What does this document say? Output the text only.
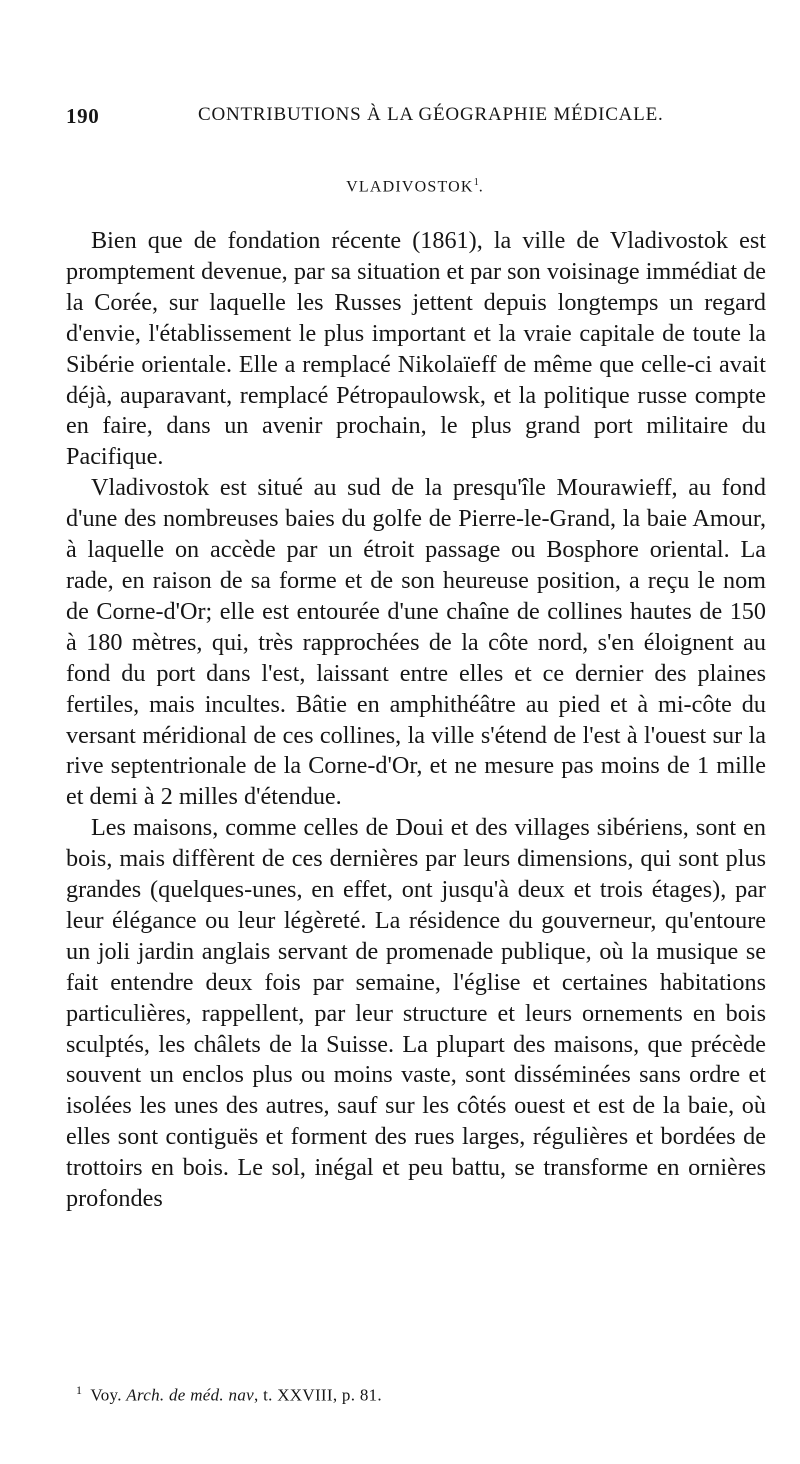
190	CONTRIBUTIONS À LA GÉOGRAPHIE MÉDICALE.
VLADIVOSTOK$^1$.

Bien que de fondation récente (1861), la ville de Vladivostok est promptement devenue, par sa situation et par son voisinage immédiat de la Corée, sur laquelle les Russes jettent depuis longtemps un regard d'envie, l'établissement le plus important et la vraie capitale de toute la Sibérie orientale. Elle a remplacé Nikolaïeff de même que celle-ci avait déjà, auparavant, remplacé Pétropaulowsk, et la politique russe compte en faire, dans un avenir prochain, le plus grand port militaire du Pacifique.

Vladivostok est situé au sud de la presqu'île Mourawieff, au fond d'une des nombreuses baies du golfe de Pierre-le-Grand, la baie Amour, à laquelle on accède par un étroit passage ou Bosphore oriental. La rade, en raison de sa forme et de son heureuse position, a reçu le nom de Corne-d'Or; elle est entourée d'une chaîne de collines hautes de 150 à 180 mètres, qui, très rapprochées de la côte nord, s'en éloignent au fond du port dans l'est, laissant entre elles et ce dernier des plaines fertiles, mais incultes. Bâtie en amphithéâtre au pied et à mi-côte du versant méridional de ces collines, la ville s'étend de l'est à l'ouest sur la rive septentrionale de la Corne-d'Or, et ne mesure pas moins de 1 mille et demi à 2 milles d'étendue.

Les maisons, comme celles de Doui et des villages sibériens, sont en bois, mais diffèrent de ces dernières par leurs dimensions, qui sont plus grandes (quelques-unes, en effet, ont jusqu'à deux et trois étages), par leur élégance ou leur légèreté. La résidence du gouverneur, qu'entoure un joli jardin anglais servant de promenade publique, où la musique se fait entendre deux fois par semaine, l'église et certaines habitations particulières, rappellent, par leur structure et leurs ornements en bois sculptés, les châlets de la Suisse. La plupart des maisons, que précède souvent un enclos plus ou moins vaste, sont disséminées sans ordre et isolées les unes des autres, sauf sur les côtés ouest et est de la baie, où elles sont contiguës et forment des rues larges, régulières et bordées de trottoirs en bois. Le sol, inégal et peu battu, se transforme en ornières profondes

$^1$ Voy. Arch. de méd. nav, t. XXVIII, p. 81.
